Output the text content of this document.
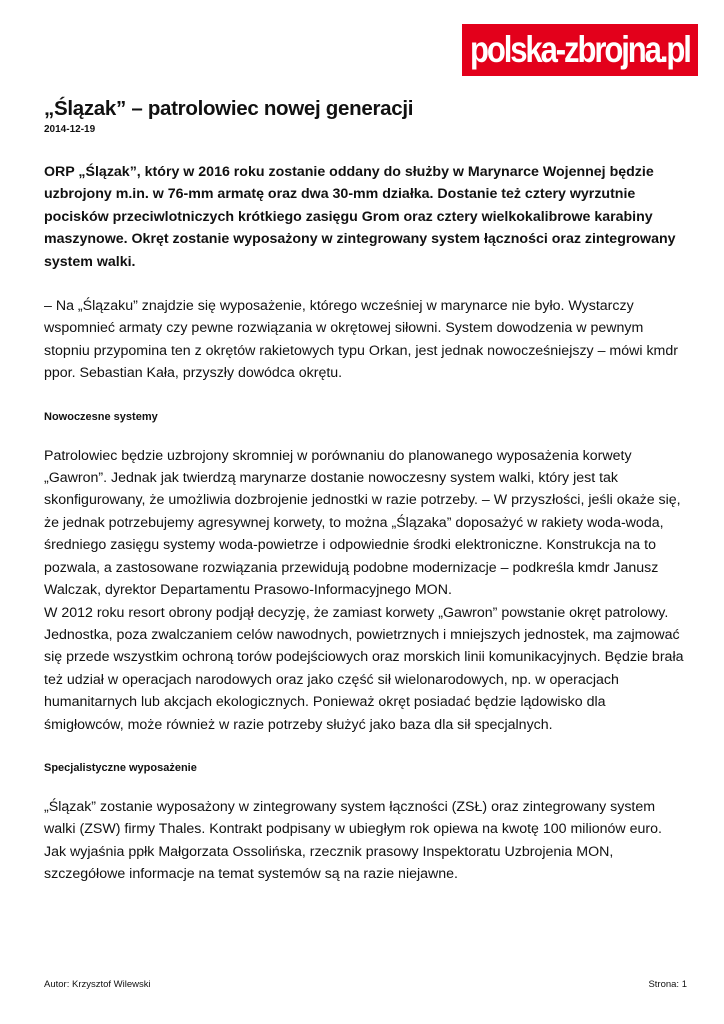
polska-zbrojna.pl
„Ślązak” – patrolowiec nowej generacji
2014-12-19

ORP „Ślązak”, który w 2016 roku zostanie oddany do służby w Marynarce Wojennej będzie uzbrojony m.in. w 76-mm armatę oraz dwa 30-mm działka. Dostanie też cztery wyrzutnie pocisków przeciwlotniczych krótkiego zasięgu Grom oraz cztery wielkokalibrowe karabiny maszynowe. Okręt zostanie wyposażony w zintegrowany system łączności oraz zintegrowany system walki.

– Na „Ślązaku” znajdzie się wyposażenie, którego wcześniej w marynarce nie było. Wystarczy wspomnieć armaty czy pewne rozwiązania w okrętowej siłowni. System dowodzenia w pewnym stopniu przypomina ten z okrętów rakietowych typu Orkan, jest jednak nowocześniejszy – mówi kmdr ppor. Sebastian Kała, przyszły dowódca okrętu.

Nowoczesne systemy

Patrolowiec będzie uzbrojony skromniej w porównaniu do planowanego wyposażenia korwety „Gawron”. Jednak jak twierdzą marynarze dostanie nowoczesny system walki, który jest tak skonfigurowany, że umożliwia dozbrojenie jednostki w razie potrzeby. – W przyszłości, jeśli okaże się, że jednak potrzebujemy agresywnej korwety, to można „Ślązaka” doposażyć w rakiety woda-woda, średniego zasięgu systemy woda-powietrze i odpowiednie środki elektroniczne. Konstrukcja na to pozwala, a zastosowane rozwiązania przewidują podobne modernizacje – podkreśla kmdr Janusz Walczak, dyrektor Departamentu Prasowo-Informacyjnego MON.

W 2012 roku resort obrony podjął decyzję, że zamiast korwety „Gawron” powstanie okręt patrolowy. Jednostka, poza zwalczaniem celów nawodnych, powietrznych i mniejszych jednostek, ma zajmować się przede wszystkim ochroną torów podejściowych oraz morskich linii komunikacyjnych. Będzie brała też udział w operacjach narodowych oraz jako część sił wielonarodowych, np. w operacjach humanitarnych lub akcjach ekologicznych. Ponieważ okręt posiadać będzie lądowisko dla śmigłowców, może również w razie potrzeby służyć jako baza dla sił specjalnych.

Specjalistyczne wyposażenie

„Ślązak” zostanie wyposażony w zintegrowany system łączności (ZSŁ) oraz zintegrowany system walki (ZSW) firmy Thales. Kontrakt podpisany w ubiegłym rok opiewa na kwotę 100 milionów euro. Jak wyjaśnia ppłk Małgorzata Ossolińska, rzecznik prasowy Inspektoratu Uzbrojenia MON, szczegółowe informacje na temat systemów są na razie niejawne.

Autor: Krzysztof Wilewski	Strona: 1
